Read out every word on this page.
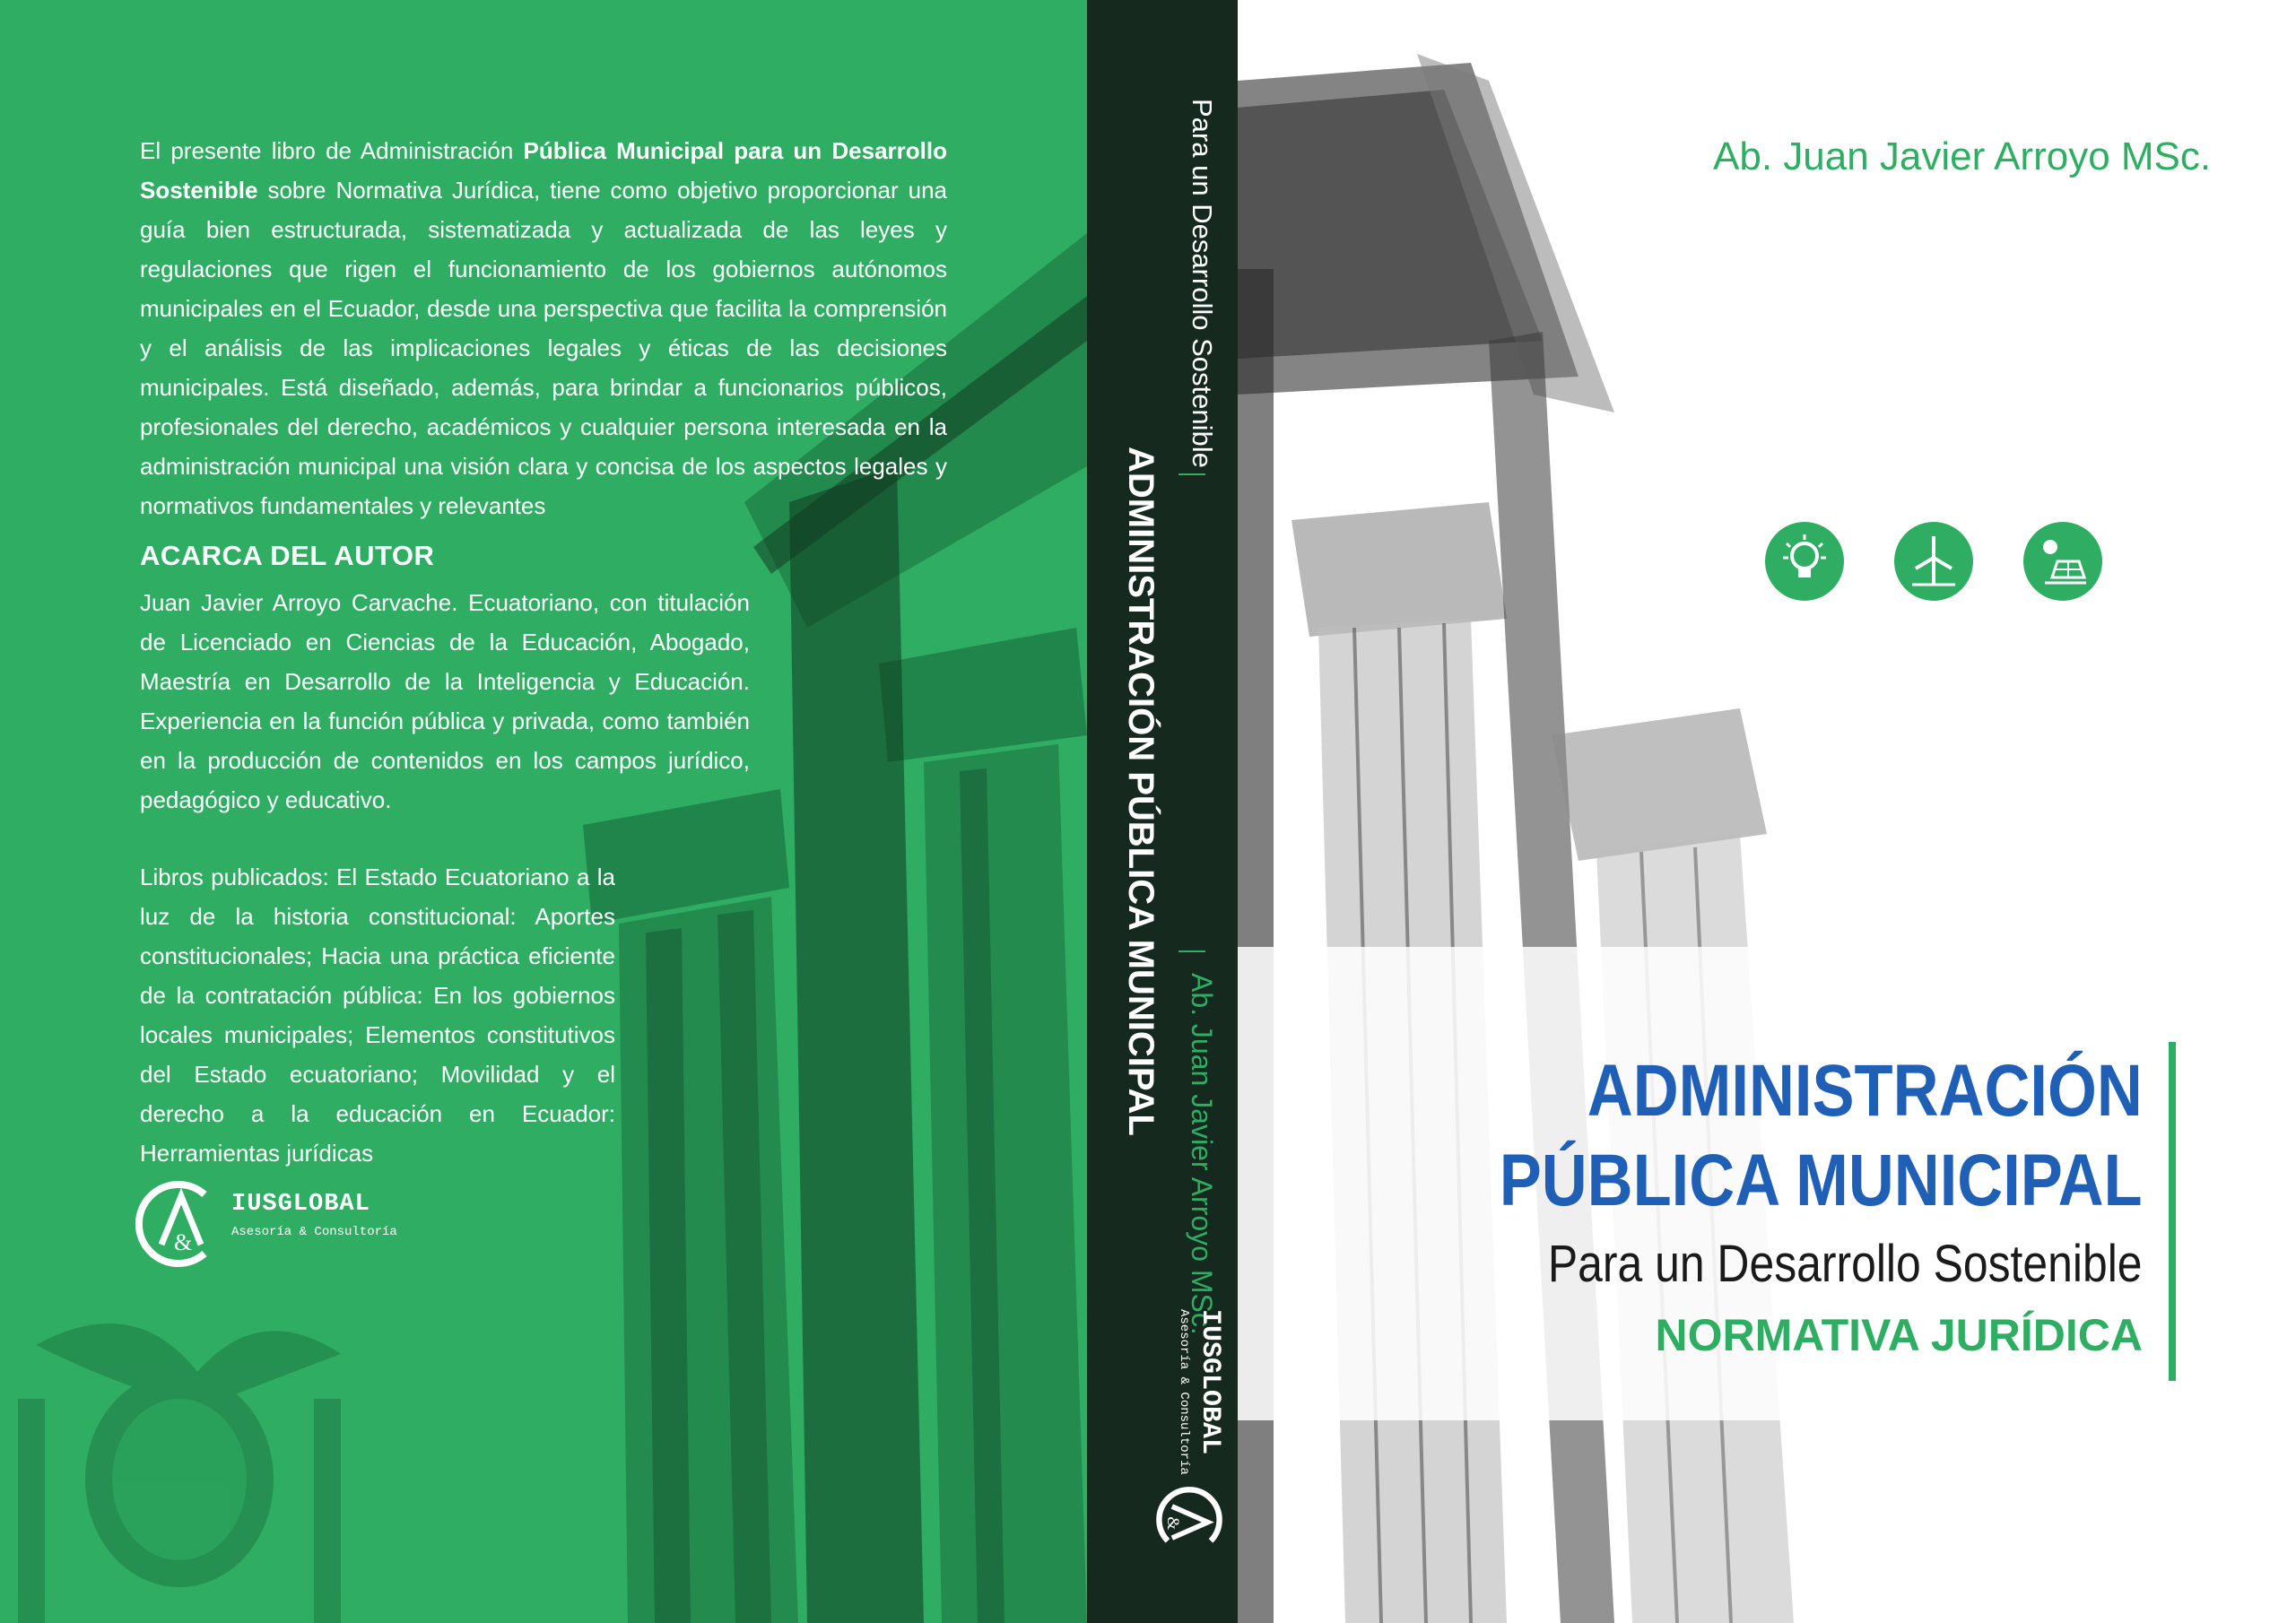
El presente libro de Administración Pública Municipal para un Desarrollo Sostenible sobre Normativa Jurídica, tiene como objetivo proporcionar una guía bien estructurada, sistematizada y actualizada de las leyes y regulaciones que rigen el funcionamiento de los gobiernos autónomos municipales en el Ecuador, desde una perspectiva que facilita la comprensión y el análisis de las implicaciones legales y éticas de las decisiones municipales. Está diseñado, además, para brindar a funcionarios públicos, profesionales del derecho, académicos y cualquier persona interesada en la administración municipal una visión clara y concisa de los aspectos legales y normativos fundamentales y relevantes
ACARCA DEL AUTOR
Juan Javier Arroyo Carvache. Ecuatoriano, con titulación de Licenciado en Ciencias de la Educación, Abogado, Maestría en Desarrollo de la Inteligencia y Educación. Experiencia en la función pública y privada, como también en la producción de contenidos en los campos jurídico, pedagógico y educativo.
Libros publicados: El Estado Ecuatoriano a la luz de la historia constitucional: Aportes constitucionales; Hacia una práctica eficiente de la contratación pública: En los gobiernos locales municipales; Elementos constitutivos del Estado ecuatoriano; Movilidad y el derecho a la educación en Ecuador: Herramientas jurídicas
&
IUSGLOBAL
Asesoría & Consultoría
Para un Desarrollo Sostenible
ADMINISTRACIÓN PÚBLICA MUNICIPAL
Ab. Juan Javier Arroyo MSc.
IUSGLOBAL
Asesoría & Consultoría
&
Ab. Juan Javier Arroyo MSc.
ADMINISTRACIÓN
PÚBLICA MUNICIPAL
Para un Desarrollo Sostenible
NORMATIVA JURÍDICA
